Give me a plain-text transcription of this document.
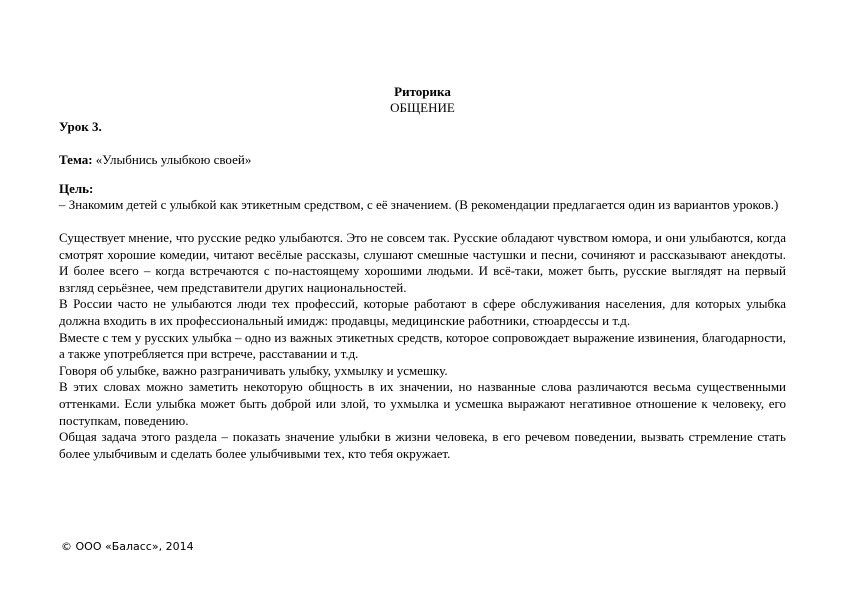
Риторика
ОБЩЕНИЕ
Урок 3.
Тема: «Улыбнись улыбкою своей»
Цель:
– Знакомим детей с улыбкой как этикетным средством, с её значением. (В рекомендации предлагается один из вариантов уроков.)

Существует мнение, что русские редко улыбаются. Это не совсем так. Русские обладают чувством юмора, и они улыбаются, когда смотрят хорошие комедии, читают весёлые рассказы, слушают смешные частушки и песни, сочиняют и рассказывают анекдоты. И более всего – когда встречаются с по-настоящему хорошими людьми. И всё-таки, может быть, русские выглядят на первый взгляд серьёзнее, чем представители других национальностей.

В России часто не улыбаются люди тех профессий, которые работают в сфере обслуживания населения, для которых улыбка должна входить в их профессиональный имидж: продавцы, медицинские работники, стюардессы и т.д.

Вместе с тем у русских улыбка – одно из важных этикетных средств, которое сопровождает выражение извинения, благодарности, а также употребляется при встрече, расставании и т.д.

Говоря об улыбке, важно разграничивать улыбку, ухмылку и усмешку.

В этих словах можно заметить некоторую общность в их значении, но названные слова различаются весьма существенными оттенками. Если улыбка может быть доброй или злой, то ухмылка и усмешка выражают негативное отношение к человеку, его поступкам, поведению.

Общая задача этого раздела – показать значение улыбки в жизни человека, в его речевом поведении, вызвать стремление стать более улыбчивым и сделать более улыбчивыми тех, кто тебя окружает.

© ООО «Баласс», 2014
